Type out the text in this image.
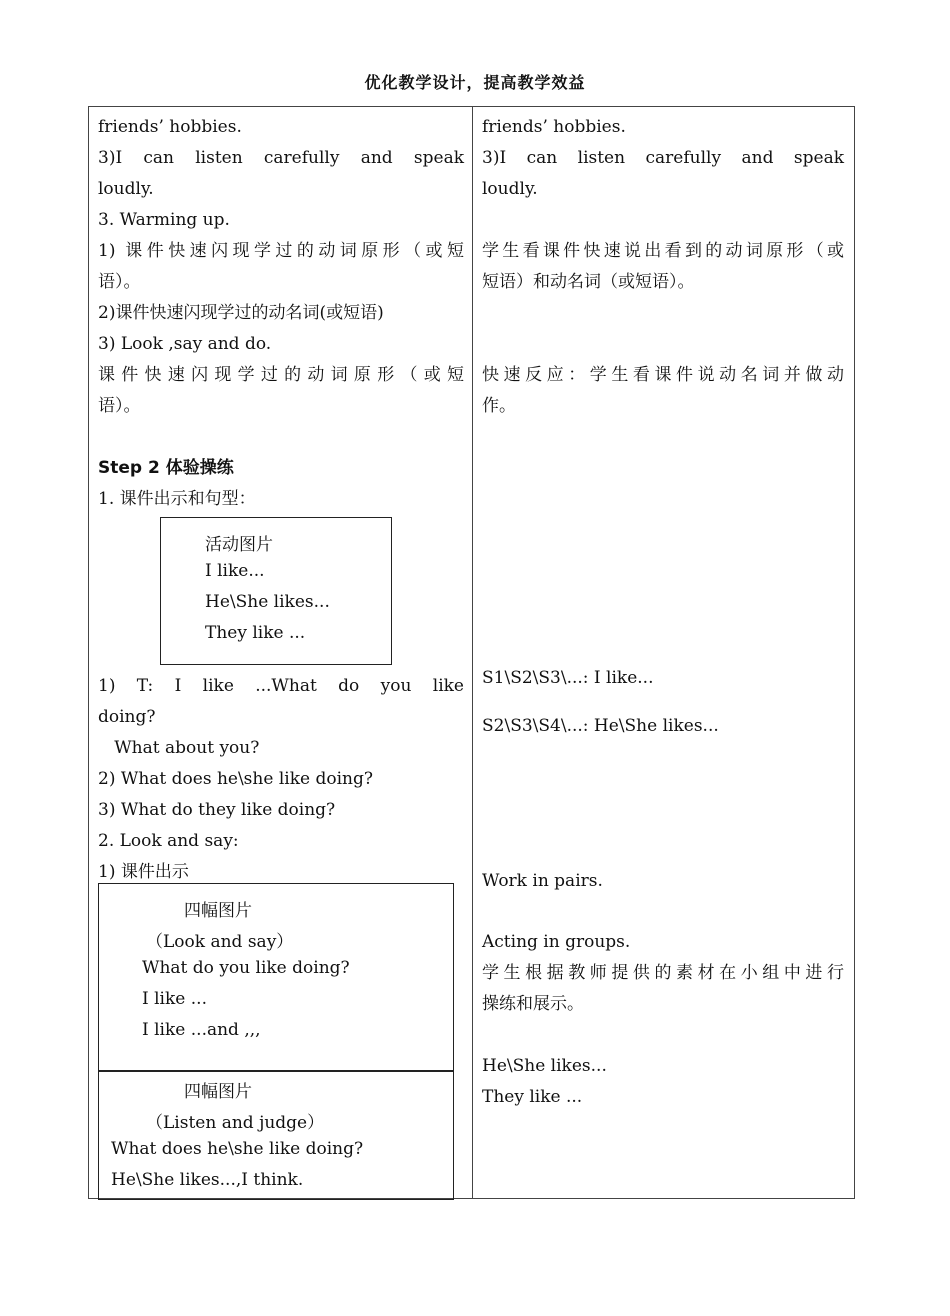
优化教学设计，提高教学效益
friends’ hobbies.
3)I can listen carefully and speak
loudly.
3. Warming up.
1) 课件快速闪现学过的动词原形（或短
语）。
2)课件快速闪现学过的动名词(或短语)
3) Look ,say and do.
课件快速闪现学过的动词原形（或短
语）。
Step 2 体验操练
1. 课件出示和句型：
1) T: I like ...What do you like
doing?
What about you?
2) What does he\she like doing?
3) What do they like doing?
2. Look and say:
1) 课件出示
活动图片
I like...
He\She likes...
They like ...
四幅图片
（Look and say）
What do you like doing?
I like ...
I like ...and ,,,
四幅图片
（Listen and judge）
What does he\she like doing?
He\She likes...,I think.
friends’ hobbies.
3)I can listen carefully and speak
loudly.
学生看课件快速说出看到的动词原形（或
短语）和动名词（或短语）。
快速反应：学生看课件说动名词并做动
作。
S1\S2\S3\...: I like...
S2\S3\S4\...: He\She likes...
Work in pairs.
Acting in groups.
学生根据教师提供的素材在小组中进行
操练和展示。
He\She likes...
They like ...
